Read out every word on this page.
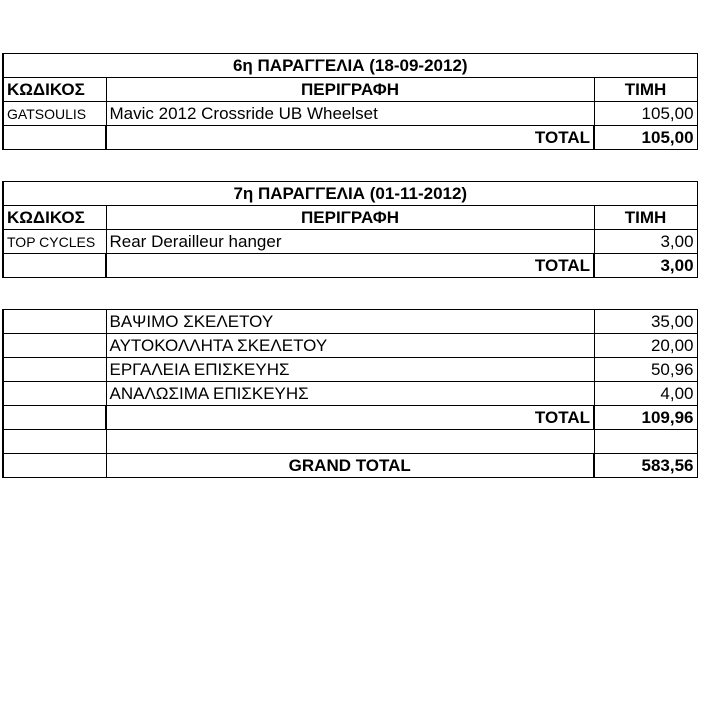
6η ΠΑΡΑΓΓΕΛΙΑ (18-09-2012)		
ΚΩΔΙΚΟΣ	ΠΕΡΙΓΡΑΦΗ	ΤΙΜΗ
GATSOULIS	Mavic 2012 Crossride UB Wheelset	105,00
	TOTAL	105,00
7η ΠΑΡΑΓΓΕΛΙΑ (01-11-2012)		
ΚΩΔΙΚΟΣ	ΠΕΡΙΓΡΑΦΗ	ΤΙΜΗ
TOP CYCLES	Rear Derailleur hanger	3,00
	TOTAL	3,00
	ΒΑΨΙΜΟ ΣΚΕΛΕΤΟΥ	35,00
	ΑΥΤΟΚΟΛΛΗΤΑ ΣΚΕΛΕΤΟΥ	20,00
	ΕΡΓΑΛΕΙΑ ΕΠΙΣΚΕΥΗΣ	50,96
	ΑΝΑΛΩΣΙΜΑ ΕΠΙΣΚΕΥΗΣ	4,00
	TOTAL	109,96

	GRAND TOTAL	583,56
